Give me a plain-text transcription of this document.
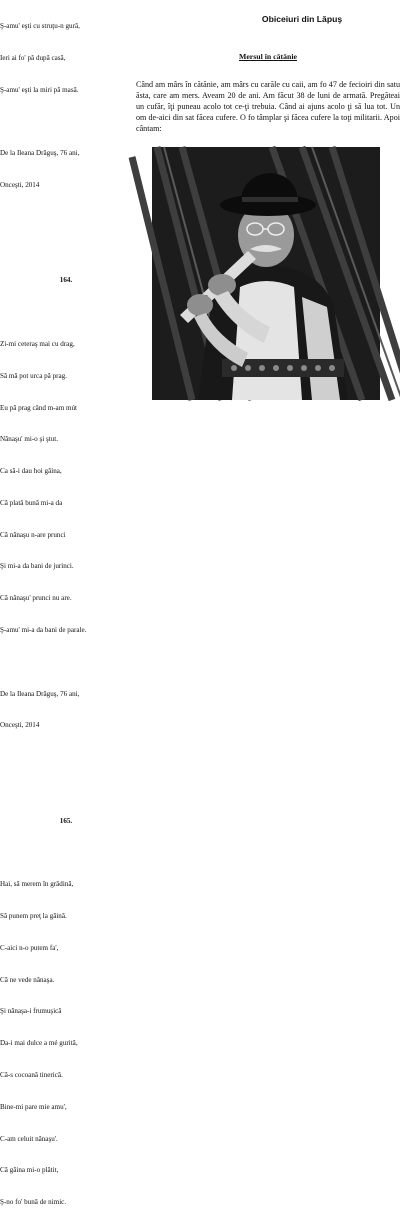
Ş-amu' eşti cu struţu-n gură,

Ieri ai fo' pă după casă,

Ş-amu' eşti la miri pă masă.

De la Ileana Drăguş, 76 ani,

Onceşti, 2014

164.

Zi-mi ceteraş mai cu drag,

Să mă pot urca pă prag.

Eu pă prag când m-am mút

Nănaşu' mi-o şi ştut.

Ca să-i dau hoi găina,

Că plată bună mi-a da

Că nănaşu n-are prunci

Şi mi-a da bani de jurinci.

Că nănaşu' prunci nu are.

Ş-amu' mi-a da bani de parale.

De la Ileana Drăguş, 76 ani,

Onceşti, 2014

165.

Hai, să merem în grădină,

Să punem preţ la găină.

C-aici n-o putem fa',

Că ne vede nănaşa.

Şi nănaşa-i frumuşică

Da-i mai dulce a mé gurită,

Că-s cocoană tinerică.

Bine-mi pare mie amu',

C-am celuit nănaşu'.

Că găina mi-o plătit,

Ş-no fo' bună de nimic.

Obiceiuri din Lăpuş
Mersul în cătănie
Când am mârs în cătănie, am mârs cu carăle cu caii, am fo 47 de fecioiri din satu ăsta, care am mers. Aveam 20 de ani. Am făcut 38 de luni de armată. Pregăteai un cufăr, îţi puneau acolo tot ce-ţi trebuia. Când ai ajuns acolo ţi să lua tot. Un om de-aici din sat făcea cufere. O fo tâmplar şi făcea cufere la toţi militarii. Apoi cântam:
